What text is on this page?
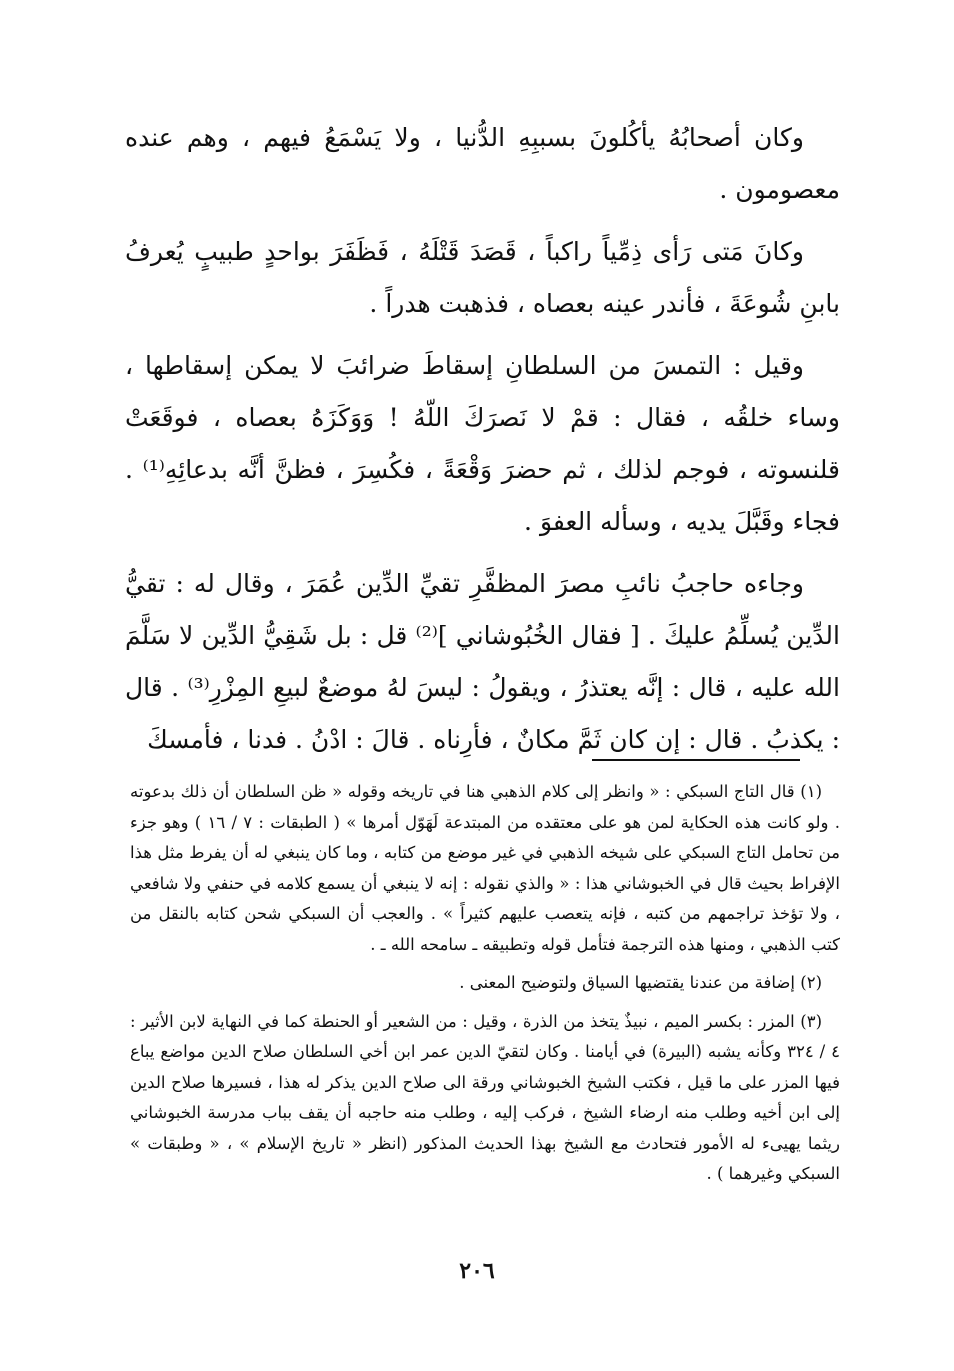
وكان أصحابُهُ يأكُلونَ بسببِهِ الدُّنيا ، ولا يَسْمَعُ فيهم ، وهم عنده معصومون .

وكانَ مَتى رَأى ذِمِّياً راكباً ، قَصَدَ قَتْلَهُ ، فَظَفَرَ بواحدٍ طبيبٍ يُعرفُ بابنِ شُوعَةَ ، فأندر عينه بعصاه ، فذهبت هدراً .

وقيل : التمسَ من السلطانِ إسقاطَ ضرائبَ لا يمكن إسقاطها ، وساء خلقُه ، فقال : قمْ لا نَصرَكَ اللّهُ ! وَوَكَزَهُ بعصاه ، فوقَعَتْ قلنسوته ، فوجم لذلك ، ثم حضرَ وَقْعَةً ، فكُسِرَ ، فظنَّ أنَّه بدعائِهِ⁽¹⁾ . فجاء وقَبَّلَ يديه ، وسأله العفوَ .

وجاءه حاجبُ نائبِ مصرَ المظفَّرِ تقيِّ الدِّين عُمَرَ ، وقال له : تقيُّ الدِّين يُسلِّمُ عليكَ . [ فقال الخُبُوشاني ]⁽²⁾ قل : بل شَقِيُّ الدِّين لا سَلَّمَ الله عليه ، قال : إنَّه يعتذرُ ، ويقولُ : ليسَ لهُ موضعٌ لبيعِ المِزْرِ⁽³⁾ . قال : يكذبُ . قال : إن كان ثَمَّ مكانٌ ، فأرِناه . قالَ : ادْنُ . فدنا ، فأمسكَ

(١) قال التاج السبكي : « وانظر إلى كلام الذهبي هنا في تاريخه وقوله « ظن السلطان أن ذلك بدعوته . ولو كانت هذه الحكاية لمن هو على معتقده من المبتدعة لَهَوّل أمرها » ( الطبقات : ٧ / ١٦ ) وهو جزء من تحامل التاج السبكي على شيخه الذهبي في غير موضع من كتابه ، وما كان ينبغي له أن يفرط مثل هذا الإفراط بحيث قال في الخبوشاني هذا : « والذي نقوله : إنه لا ينبغي أن يسمع كلامه في حنفي ولا شافعي ، ولا تؤخذ تراجمهم من كتبه ، فإنه يتعصب عليهم كثيراً » . والعجب أن السبكي شحن كتابه بالنقل من كتب الذهبي ، ومنها هذه الترجمة فتأمل قوله وتطبيقه ـ سامحه الله ـ .

(٢) إضافة من عندنا يقتضيها السياق ولتوضيح المعنى .

(٣) المزر : بكسر الميم ، نبيذٌ يتخذ من الذرة ، وقيل : من الشعير أو الحنطة كما في النهاية لابن الأثير : ٤ / ٣٢٤ وكأنه يشبه (البيرة) في أيامنا . وكان لتقيّ الدين عمر ابن أخي السلطان صلاح الدين مواضع يباع فيها المزر على ما قيل ، فكتب الشيخ الخبوشاني ورقة الى صلاح الدين يذكر له هذا ، فسيرها صلاح الدين إلى ابن أخيه وطلب منه ارضاء الشيخ ، فركب إليه ، وطلب منه حاجبه أن يقف بباب مدرسة الخبوشاني ريثما يهيىء له الأمور فتحادث مع الشيخ بهذا الحديث المذكور (انظر « تاريخ الإسلام » ، « وطبقات » السبكي وغيرهما ) .

٢٠٦
